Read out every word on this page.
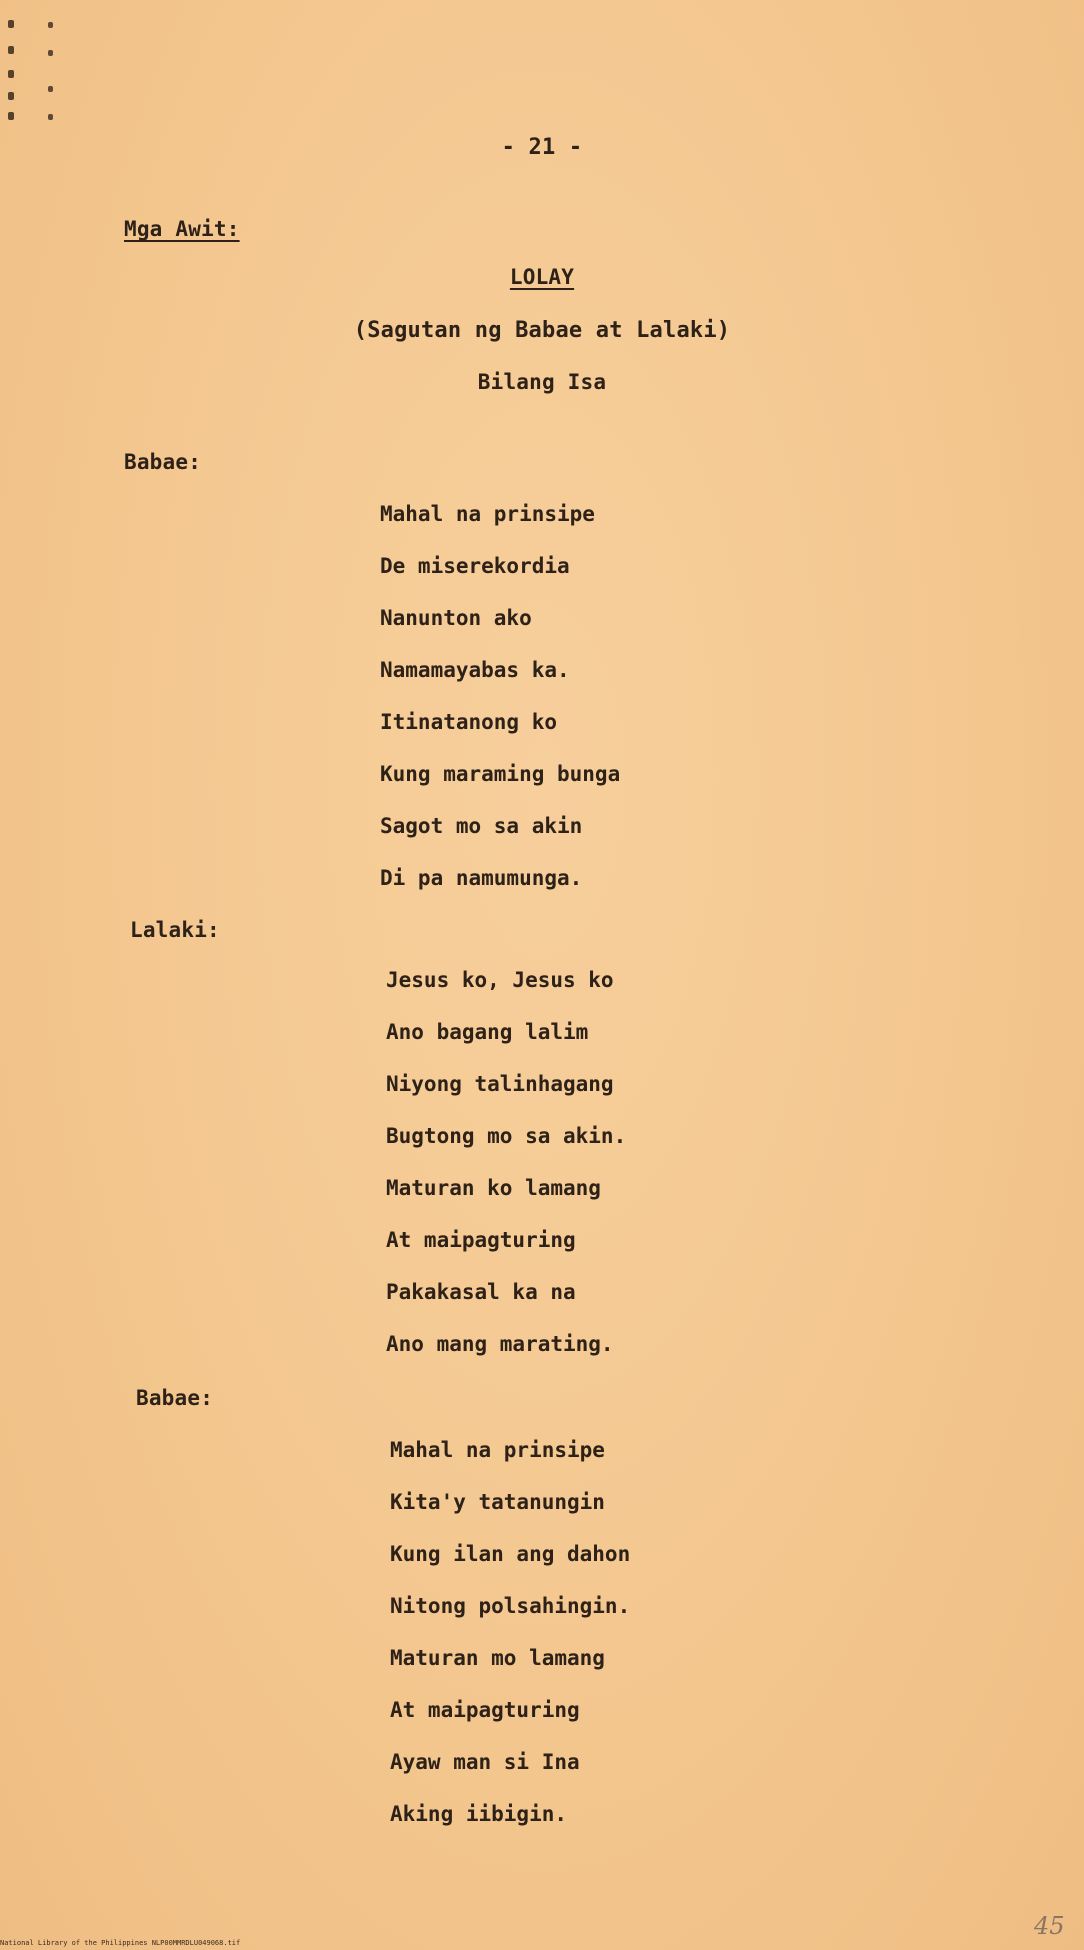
- 21 -
Mga Awit:
LOLAY
(Sagutan ng Babae at Lalaki)
Bilang Isa
Babae:
Mahal na prinsipe
De miserekordia
Nanunton ako
Namamayabas ka.
Itinatanong ko
Kung maraming bunga
Sagot mo sa akin
Di pa namumunga.
Lalaki:
Jesus ko, Jesus ko
Ano bagang lalim
Niyong talinhagang
Bugtong mo sa akin.
Maturan ko lamang
At maipagturing
Pakakasal ka na
Ano mang marating.
Babae:
Mahal na prinsipe
Kita'y tatanungin
Kung ilan ang dahon
Nitong polsahingin.
Maturan mo lamang
At maipagturing
Ayaw man si Ina
Aking iibigin.
45
National Library of the Philippines NLP00MMRDLU049068.tif
